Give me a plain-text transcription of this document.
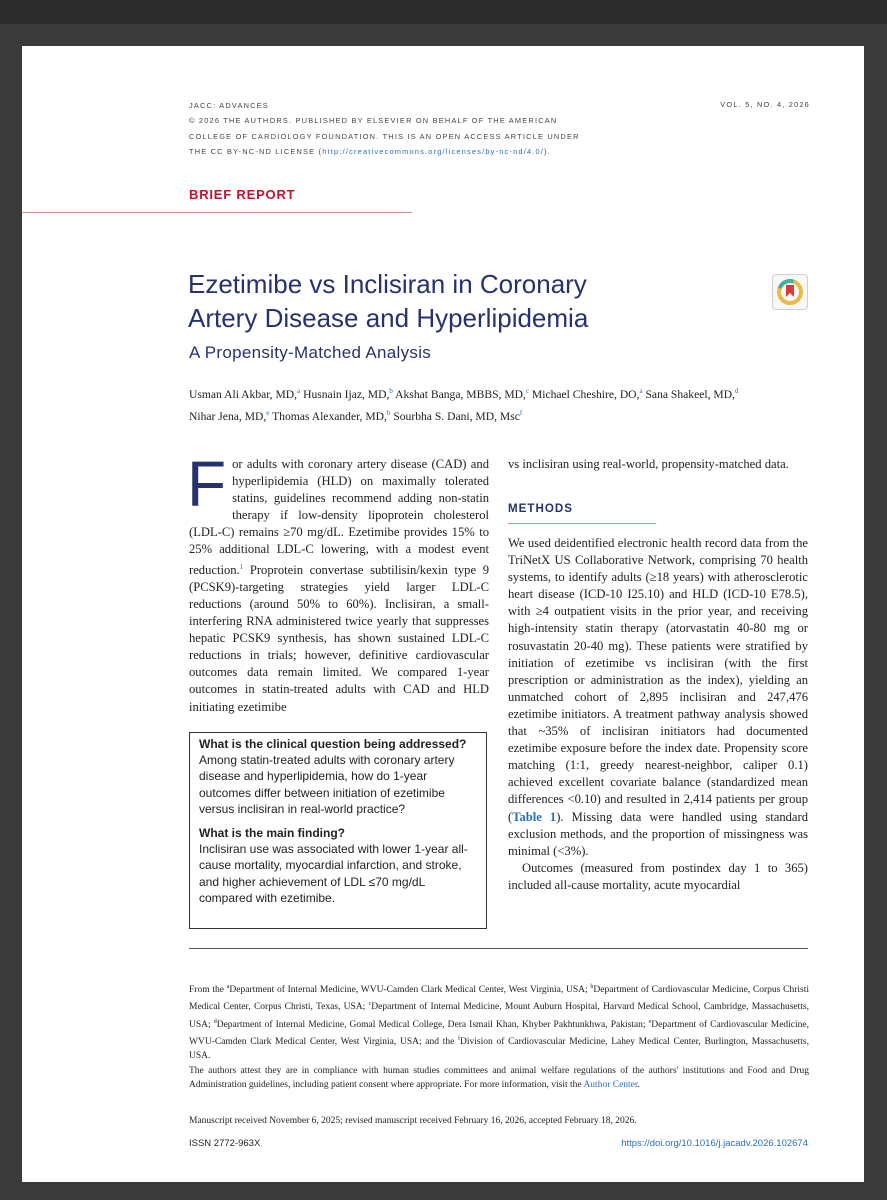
JACC: ADVANCES
© 2026 THE AUTHORS. PUBLISHED BY ELSEVIER ON BEHALF OF THE AMERICAN
COLLEGE OF CARDIOLOGY FOUNDATION. THIS IS AN OPEN ACCESS ARTICLE UNDER
THE CC BY-NC-ND LICENSE (http://creativecommons.org/licenses/by-nc-nd/4.0/).
VOL. 5, NO. 4, 2026
BRIEF REPORT
Ezetimibe vs Inclisiran in Coronary
Artery Disease and Hyperlipidemia
A Propensity-Matched Analysis
Usman Ali Akbar, MD,$^a$ Husnain Ijaz, MD,$^b$ Akshat Banga, MBBS, MD,$^c$ Michael Cheshire, DO,$^a$ Sana Shakeel, MD,$^d$
Nihar Jena, MD,$^e$ Thomas Alexander, MD,$^b$ Sourbha S. Dani, MD, Msc$^f$
For adults with coronary artery disease (CAD) and hyperlipidemia (HLD) on maximally tolerated statins, guidelines recommend adding non-statin therapy if low-density lipoprotein cholesterol (LDL-C) remains ≥70 mg/dL. Ezetimibe provides 15% to 25% additional LDL-C lowering, with a modest event reduction.$^1$ Proprotein convertase subtilisin/kexin type 9 (PCSK9)-targeting strategies yield larger LDL-C reductions (around 50% to 60%). Inclisiran, a small-interfering RNA administered twice yearly that suppresses hepatic PCSK9 synthesis, has shown sustained LDL-C reductions in trials; however, definitive cardiovascular outcomes data remain limited. We compared 1-year outcomes in statin-treated adults with CAD and HLD initiating ezetimibe

vs inclisiran using real-world, propensity-matched data.

METHODS

We used deidentified electronic health record data from the TriNetX US Collaborative Network, comprising 70 health systems, to identify adults (≥18 years) with atherosclerotic heart disease (ICD-10 I25.10) and HLD (ICD-10 E78.5), with ≥4 outpatient visits in the prior year, and receiving high-intensity statin therapy (atorvastatin 40-80 mg or rosuvastatin 20-40 mg). These patients were stratified by initiation of ezetimibe vs inclisiran (with the first prescription or administration as the index), yielding an unmatched cohort of 2,895 inclisiran and 247,476 ezetimibe initiators. A treatment pathway analysis showed that ~35% of inclisiran initiators had documented ezetimibe exposure before the index date. Propensity score matching (1:1, greedy nearest-neighbor, caliper 0.1) achieved excellent covariate balance (standardized mean differences <0.10) and resulted in 2,414 patients per group (Table 1). Missing data were handled using standard exclusion methods, and the proportion of missingness was minimal (<3%).

Outcomes (measured from postindex day 1 to 365) included all-cause mortality, acute myocardial

What is the clinical question being addressed?
Among statin-treated adults with coronary artery disease and hyperlipidemia, how do 1-year outcomes differ between initiation of ezetimibe versus inclisiran in real-world practice?
What is the main finding?
Inclisiran use was associated with lower 1-year all-cause mortality, myocardial infarction, and stroke, and higher achievement of LDL ≤70 mg/dL compared with ezetimibe.
From the $^a$Department of Internal Medicine, WVU-Camden Clark Medical Center, West Virginia, USA; $^b$Department of Cardiovascular Medicine, Corpus Christi Medical Center, Corpus Christi, Texas, USA; $^c$Department of Internal Medicine, Mount Auburn Hospital, Harvard Medical School, Cambridge, Massachusetts, USA; $^d$Department of Internal Medicine, Gomal Medical College, Dera Ismail Khan, Khyber Pakhtunkhwa, Pakistan; $^e$Department of Cardiovascular Medicine, WVU-Camden Clark Medical Center, West Virginia, USA; and the $^f$Division of Cardiovascular Medicine, Lahey Medical Center, Burlington, Massachusetts, USA.
The authors attest they are in compliance with human studies committees and animal welfare regulations of the authors' institutions and Food and Drug Administration guidelines, including patient consent where appropriate. For more information, visit the Author Center.
Manuscript received November 6, 2025; revised manuscript received February 16, 2026, accepted February 18, 2026.
ISSN 2772-963X	https://doi.org/10.1016/j.jacadv.2026.102674
